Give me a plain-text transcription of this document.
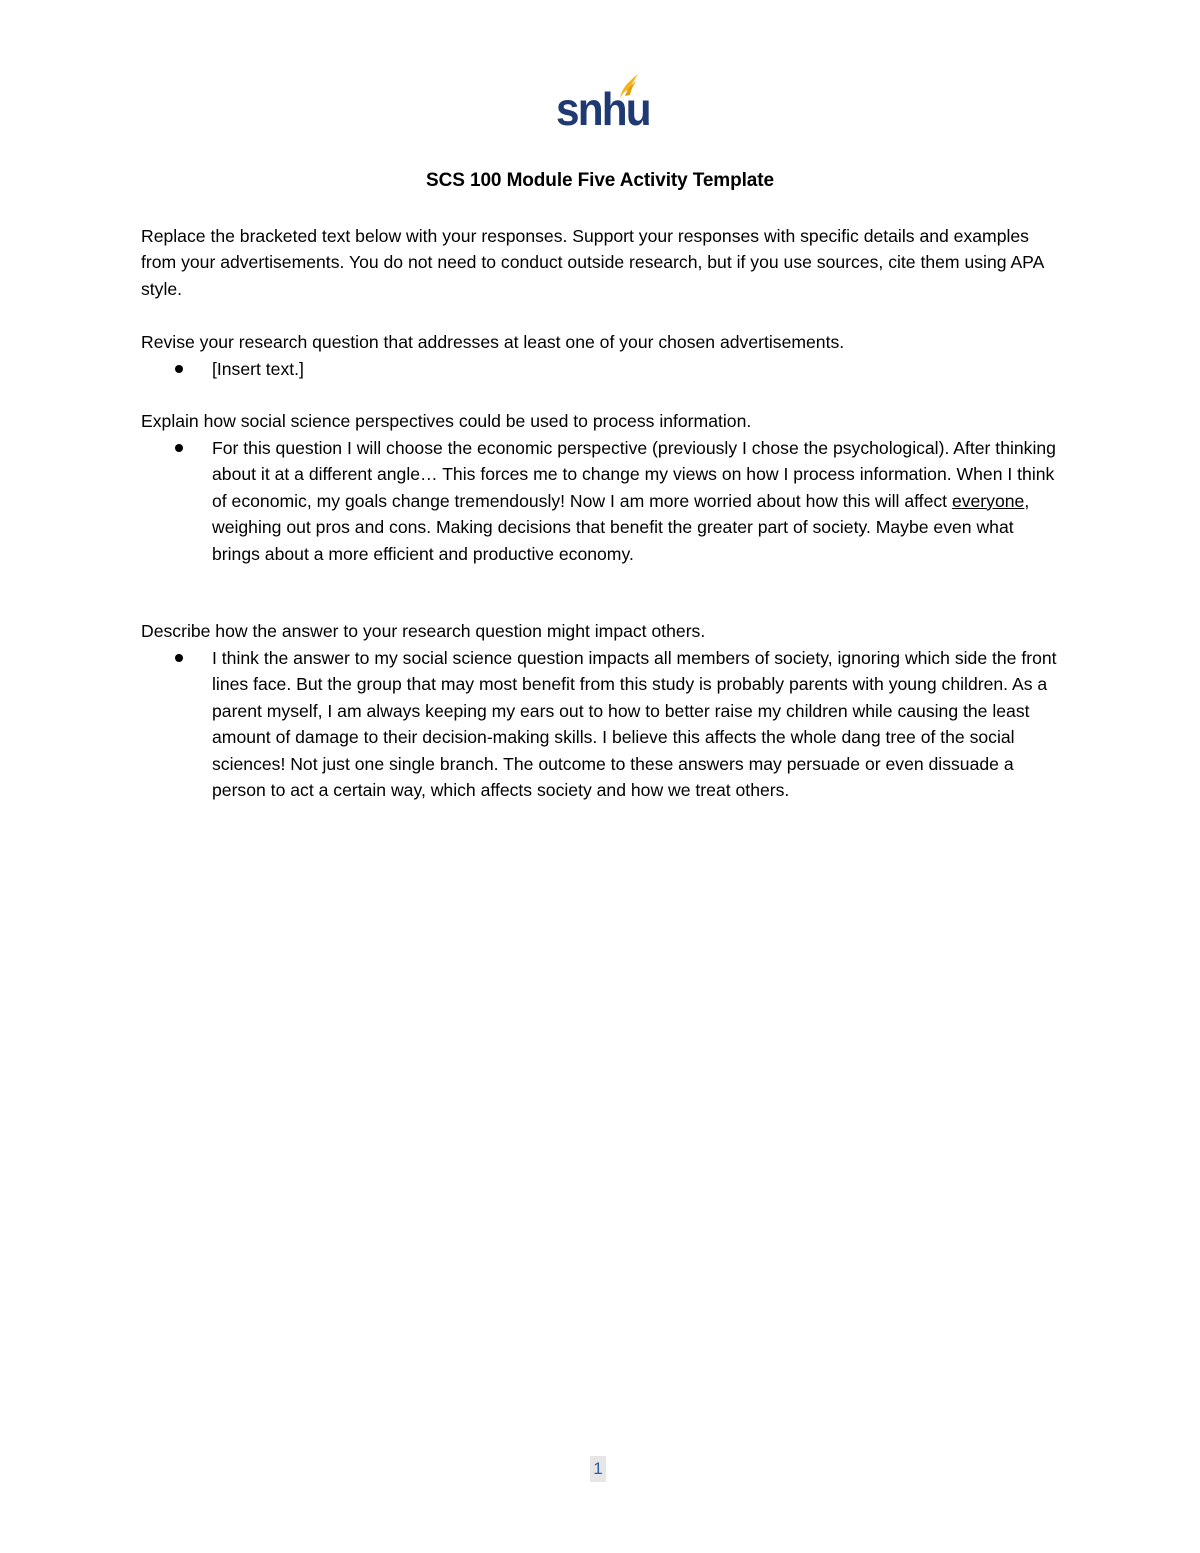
snhu
SCS 100 Module Five Activity Template
Replace the bracketed text below with your responses. Support your responses with specific details and examples from your advertisements. You do not need to conduct outside research, but if you use sources, cite them using APA style.
Revise your research question that addresses at least one of your chosen advertisements.
[Insert text.]
Explain how social science perspectives could be used to process information.
For this question I will choose the economic perspective (previously I chose the psychological). After thinking about it at a different angle… This forces me to change my views on how I process information. When I think of economic, my goals change tremendously! Now I am more worried about how this will affect everyone, weighing out pros and cons. Making decisions that benefit the greater part of society. Maybe even what brings about a more efficient and productive economy.
Describe how the answer to your research question might impact others.
I think the answer to my social science question impacts all members of society, ignoring which side the front lines face. But the group that may most benefit from this study is probably parents with young children. As a parent myself, I am always keeping my ears out to how to better raise my children while causing the least amount of damage to their decision-making skills. I believe this affects the whole dang tree of the social sciences! Not just one single branch. The outcome to these answers may persuade or even dissuade a person to act a certain way, which affects society and how we treat others.
1
